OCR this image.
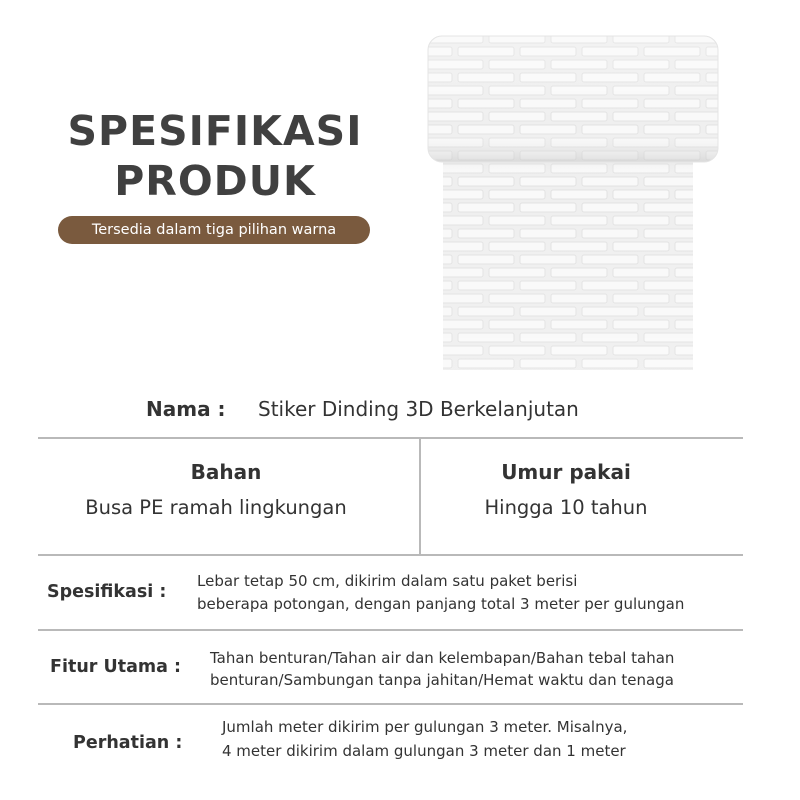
SPESIFIKASI
PRODUK
Tersedia dalam tiga pilihan warna
Nama : Stiker Dinding 3D Berkelanjutan
Bahan
Busa PE ramah lingkungan
Umur pakai
Hingga 10 tahun
Spesifikasi :
Lebar tetap 50 cm, dikirim dalam satu paket berisi
beberapa potongan, dengan panjang total 3 meter per gulungan
Fitur Utama : Tahan benturan/Tahan air dan kelembapan/Bahan tebal tahan
benturan/Sambungan tanpa jahitan/Hemat waktu dan tenaga
Perhatian :
Jumlah meter dikirim per gulungan 3 meter. Misalnya,
4 meter dikirim dalam gulungan 3 meter dan 1 meter
